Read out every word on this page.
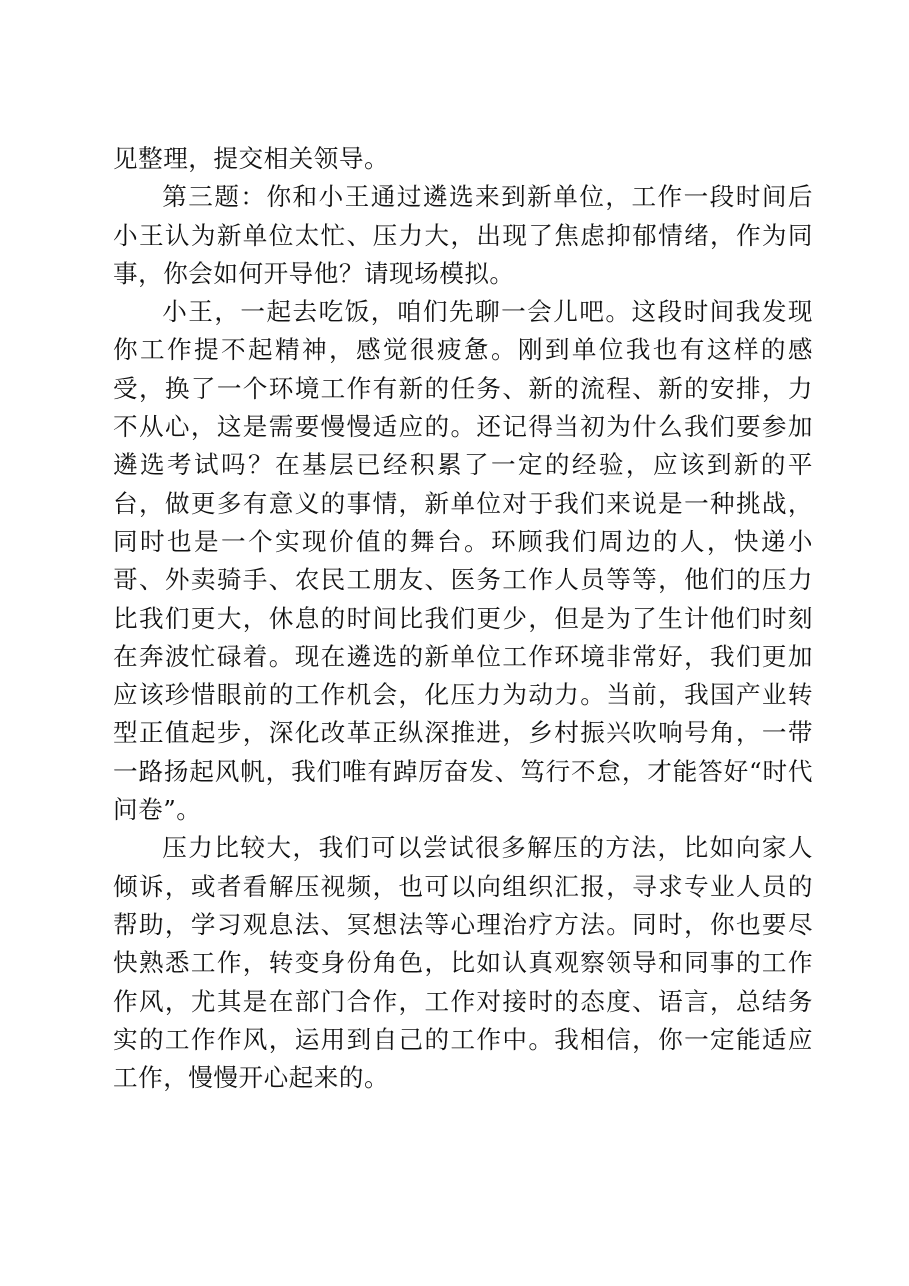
见整理，提交相关领导。

第三题：你和小王通过遴选来到新单位，工作一段时间后小王认为新单位太忙、压力大，出现了焦虑抑郁情绪，作为同事，你会如何开导他？请现场模拟。

小王，一起去吃饭，咱们先聊一会儿吧。这段时间我发现你工作提不起精神，感觉很疲惫。刚到单位我也有这样的感受，换了一个环境工作有新的任务、新的流程、新的安排，力不从心，这是需要慢慢适应的。还记得当初为什么我们要参加遴选考试吗？在基层已经积累了一定的经验，应该到新的平台，做更多有意义的事情，新单位对于我们来说是一种挑战，同时也是一个实现价值的舞台。环顾我们周边的人，快递小哥、外卖骑手、农民工朋友、医务工作人员等等，他们的压力比我们更大，休息的时间比我们更少，但是为了生计他们时刻在奔波忙碌着。现在遴选的新单位工作环境非常好，我们更加应该珍惜眼前的工作机会，化压力为动力。当前，我国产业转型正值起步，深化改革正纵深推进，乡村振兴吹响号角，一带一路扬起风帆，我们唯有踔厉奋发、笃行不怠，才能答好“时代问卷”。

压力比较大，我们可以尝试很多解压的方法，比如向家人倾诉，或者看解压视频，也可以向组织汇报，寻求专业人员的帮助，学习观息法、冥想法等心理治疗方法。同时，你也要尽快熟悉工作，转变身份角色，比如认真观察领导和同事的工作作风，尤其是在部门合作，工作对接时的态度、语言，总结务实的工作作风，运用到自己的工作中。我相信，你一定能适应工作，慢慢开心起来的。
